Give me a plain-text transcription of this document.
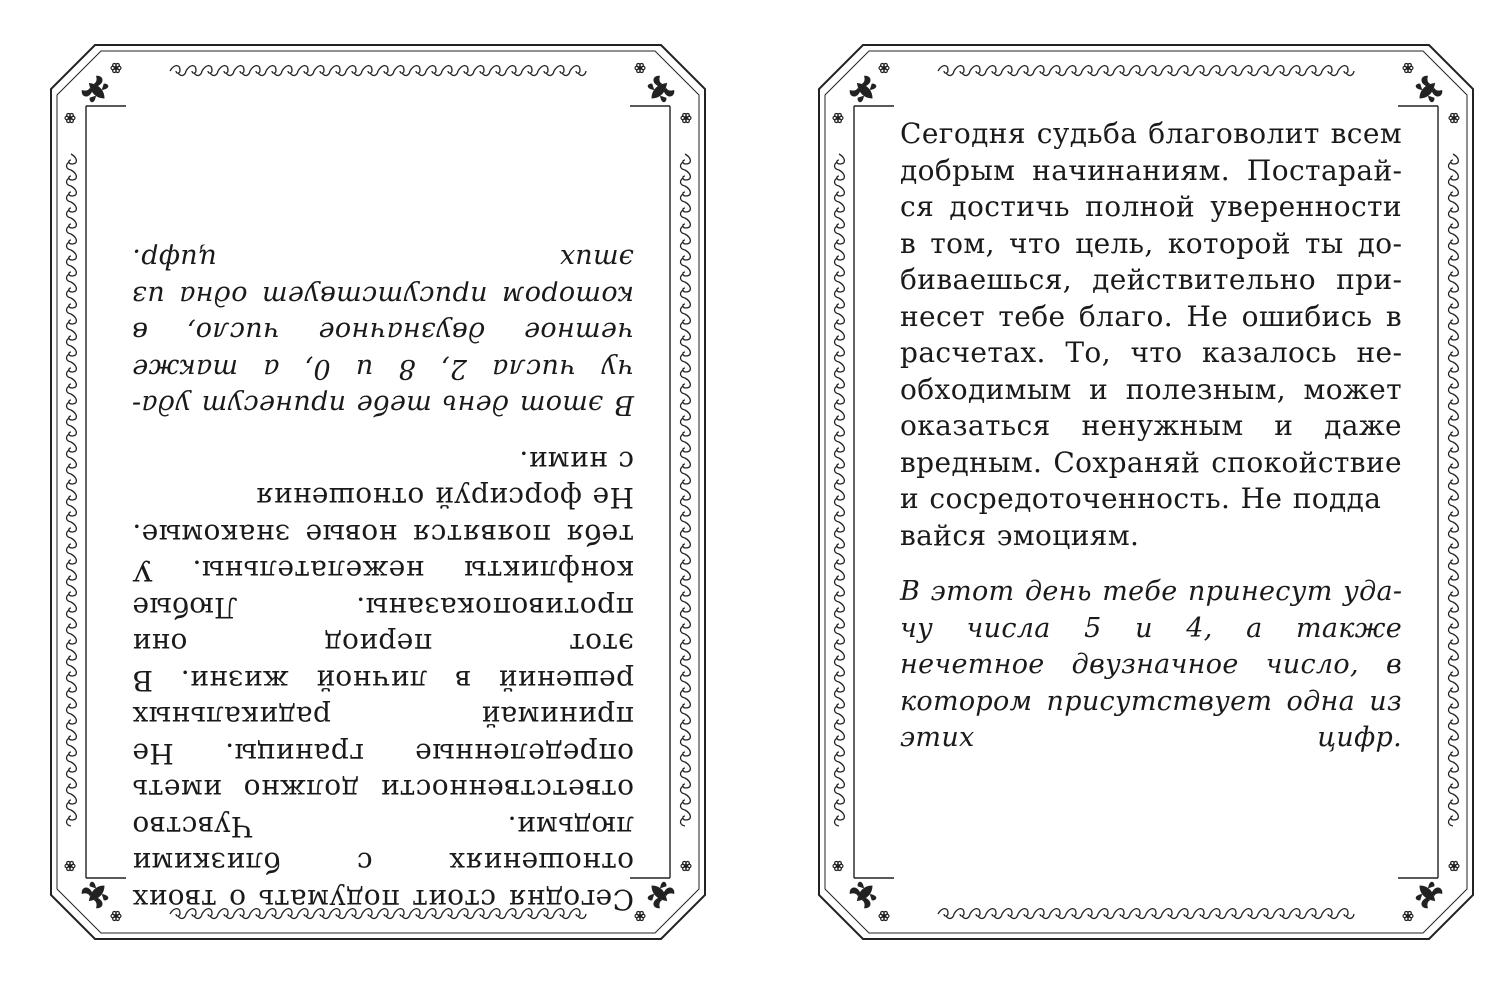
Сегодня стоит подумать о твоих отношениях с близкими людьми. Чувство ответственности должно иметь определенные границы. Не принимай радикальных решений в личной жизни. В этот период они противопоказаны. Любые конфликты нежелательны. У тебя появятся новые знакомые. Не форсируй отношения
с ними.

В этот день тебе принесут удачу числа 2, 8 и 0, а также четное двузначное число, в котором присутствует одна из этих цифр.

Сегодня судьба благоволит всем добрым начинаниям. Постарайся достичь полной уверенности в том, что цель, которой ты добиваешься, действительно принесет тебе благо. Не ошибись в расчетах. То, что казалось необходимым и полезным, может оказаться ненужным и даже вредным. Сохраняй спокойствие и сосредоточенность. Не подда
вайся эмоциям.

В этот день тебе принесут удачу числа 5 и 4, а также нечетное двузначное число, в котором присутствует одна из этих цифр.
